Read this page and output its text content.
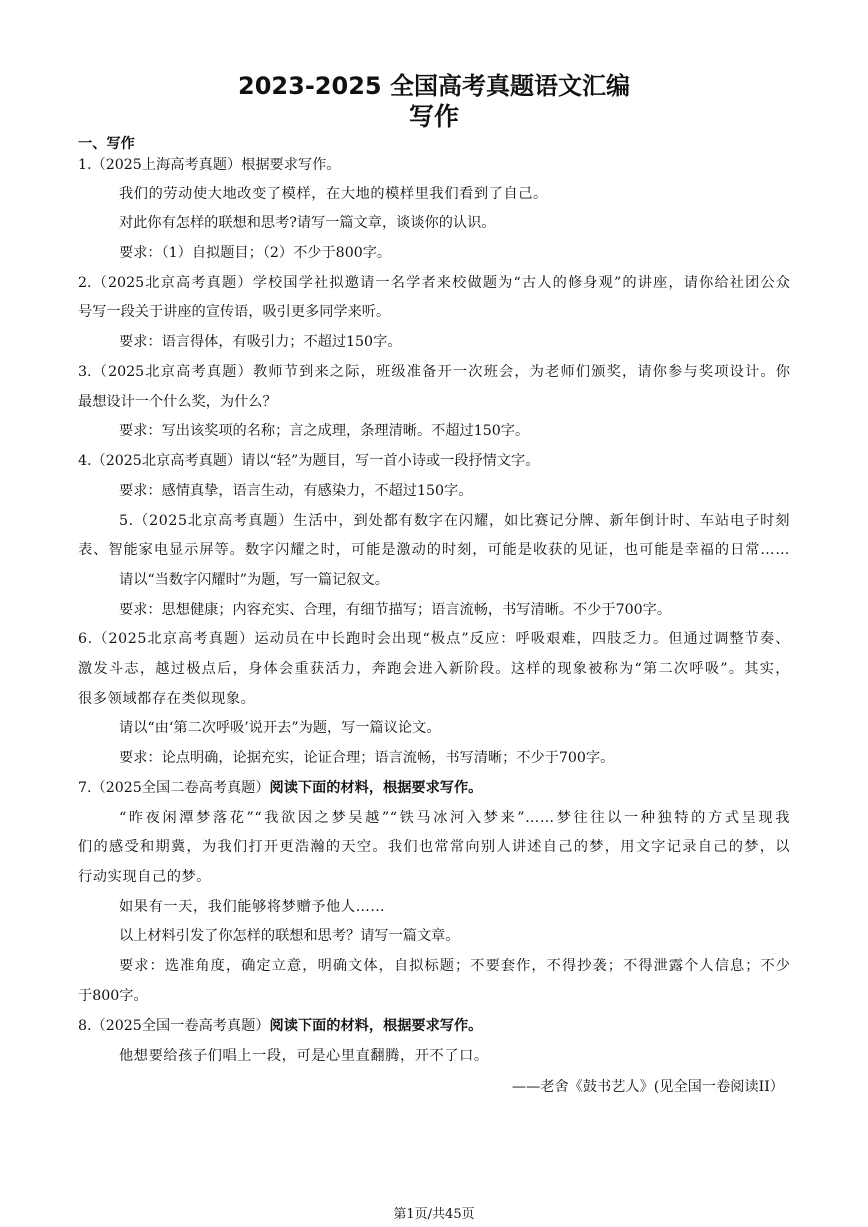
2023-2025 全国高考真题语文汇编
写作
一、写作
1.（2025上海高考真题）根据要求写作。
我们的劳动使大地改变了模样，在大地的模样里我们看到了自己。
对此你有怎样的联想和思考?请写一篇文章，谈谈你的认识。
要求：（1）自拟题目；（2）不少于800字。
2.（2025北京高考真题）学校国学社拟邀请一名学者来校做题为“古人的修身观”的讲座，请你给社团公众
号写一段关于讲座的宣传语，吸引更多同学来听。
要求：语言得体，有吸引力；不超过150字。
3.（2025北京高考真题）教师节到来之际，班级准备开一次班会，为老师们颁奖，请你参与奖项设计。你
最想设计一个什么奖，为什么？
要求：写出该奖项的名称；言之成理，条理清晰。不超过150字。
4.（2025北京高考真题）请以“轻”为题目，写一首小诗或一段抒情文字。
要求：感情真挚，语言生动，有感染力，不超过150字。
5.（2025北京高考真题）生活中，到处都有数字在闪耀，如比赛记分牌、新年倒计时、车站电子时刻
表、智能家电显示屏等。数字闪耀之时，可能是激动的时刻，可能是收获的见证，也可能是幸福的日常……
请以“当数字闪耀时”为题，写一篇记叙文。
要求：思想健康；内容充实、合理，有细节描写；语言流畅，书写清晰。不少于700字。
6.（2025北京高考真题）运动员在中长跑时会出现“极点”反应：呼吸艰难，四肢乏力。但通过调整节奏、
激发斗志，越过极点后，身体会重获活力，奔跑会进入新阶段。这样的现象被称为“第二次呼吸”。其实，
很多领域都存在类似现象。
请以“由‘第二次呼吸’说开去”为题，写一篇议论文。
要求：论点明确，论据充实，论证合理；语言流畅，书写清晰；不少于700字。
7.（2025全国二卷高考真题）阅读下面的材料，根据要求写作。
“昨夜闲潭梦落花”“我欲因之梦吴越”“铁马冰河入梦来”……梦往往以一种独特的方式呈现我
们的感受和期冀，为我们打开更浩瀚的天空。我们也常常向别人讲述自己的梦，用文字记录自己的梦，以
行动实现自己的梦。
如果有一天，我们能够将梦赠予他人……
以上材料引发了你怎样的联想和思考？请写一篇文章。
要求：选准角度，确定立意，明确文体，自拟标题；不要套作，不得抄袭；不得泄露个人信息；不少
于800字。
8.（2025全国一卷高考真题）阅读下面的材料，根据要求写作。
他想要给孩子们唱上一段，可是心里直翻腾，开不了口。
——老舍《鼓书艺人》(见全国一卷阅读II）
第1页/共45页
